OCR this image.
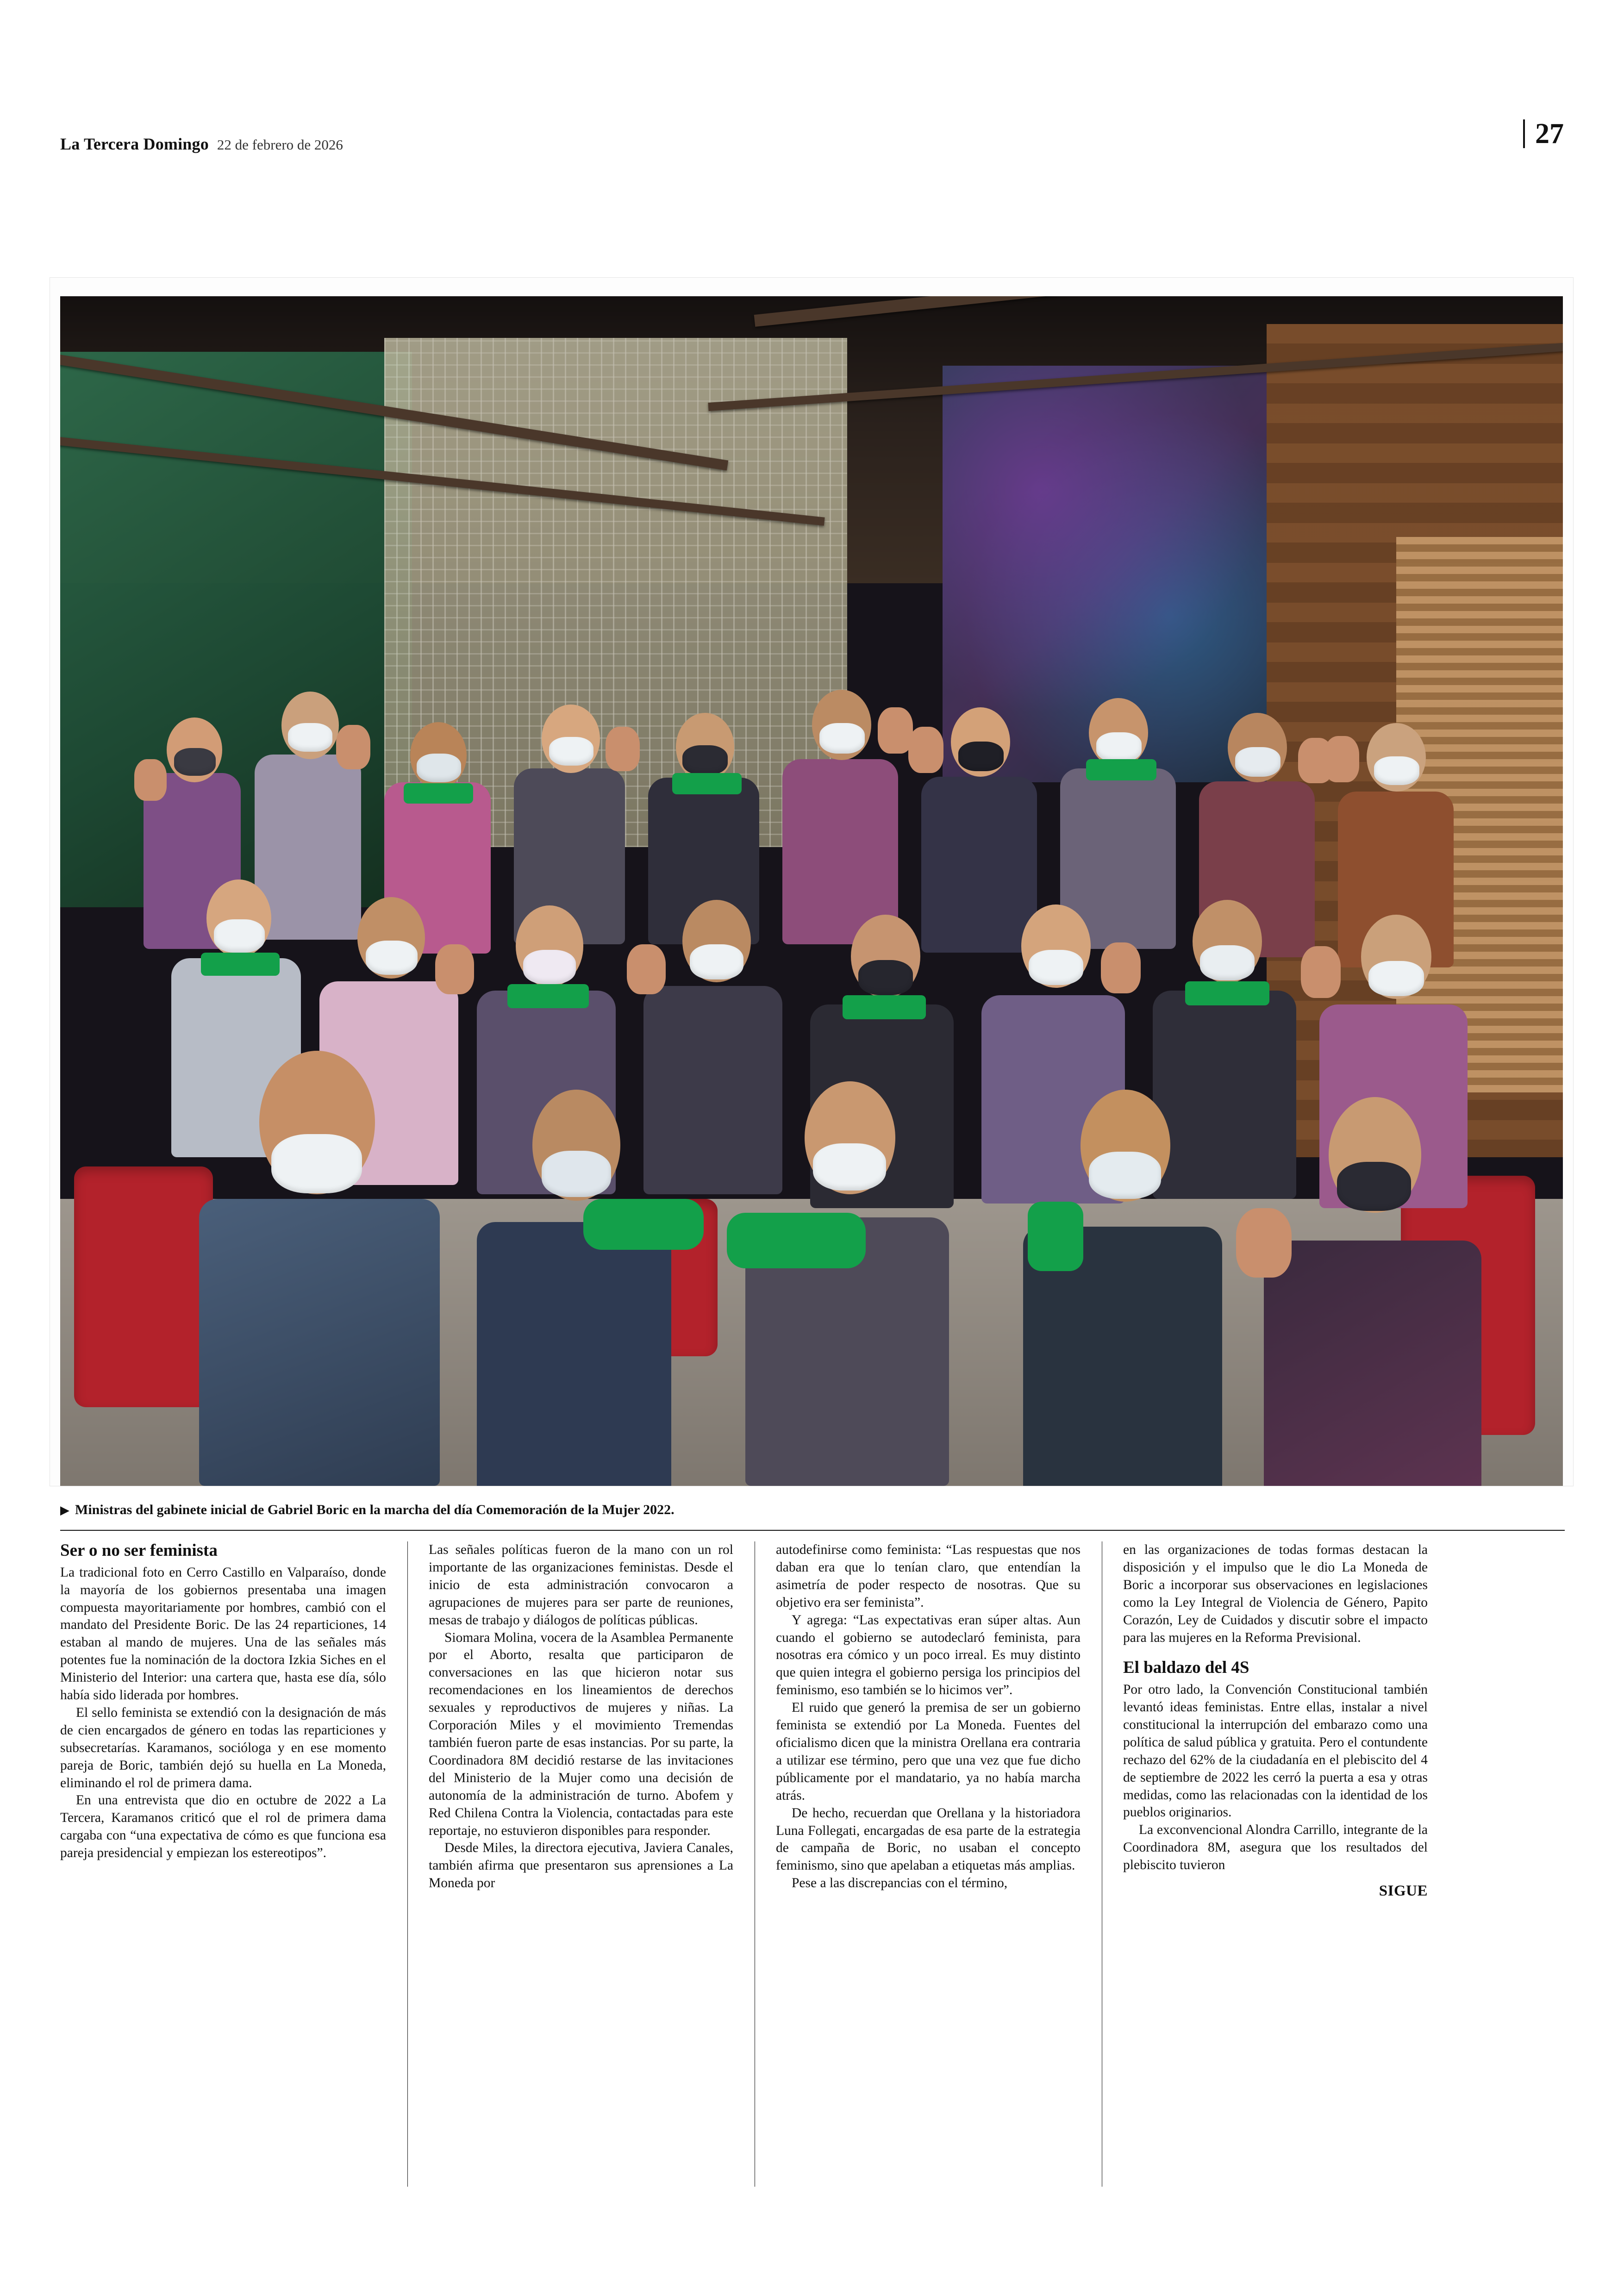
La Tercera Domingo 22 de febrero de 2026	27
▶ Ministras del gabinete inicial de Gabriel Boric en la marcha del día Comemoración de la Mujer 2022.
Ser o no ser feminista

La tradicional foto en Cerro Castillo en Valparaíso, donde la mayoría de los gobiernos presentaba una imagen compuesta mayoritariamente por hombres, cambió con el mandato del Presidente Boric. De las 24 reparticiones, 14 estaban al mando de mujeres. Una de las señales más potentes fue la nominación de la doctora Izkia Siches en el Ministerio del Interior: una cartera que, hasta ese día, sólo había sido liderada por hombres.

El sello feminista se extendió con la designación de más de cien encargados de género en todas las reparticiones y subsecretarías. Karamanos, socióloga y en ese momento pareja de Boric, también dejó su huella en La Moneda, eliminando el rol de primera dama.

En una entrevista que dio en octubre de 2022 a La Tercera, Karamanos criticó que el rol de primera dama cargaba con “una expectativa de cómo es que funciona esa pareja presidencial y empiezan los estereotipos”.

Las señales políticas fueron de la mano con un rol importante de las organizaciones feministas. Desde el inicio de esta administración convocaron a agrupaciones de mujeres para ser parte de reuniones, mesas de trabajo y diálogos de políticas públicas.

Siomara Molina, vocera de la Asamblea Permanente por el Aborto, resalta que participaron de conversaciones en las que hicieron notar sus recomendaciones en los lineamientos de derechos sexuales y reproductivos de mujeres y niñas. La Corporación Miles y el movimiento Tremendas también fueron parte de esas instancias. Por su parte, la Coordinadora 8M decidió restarse de las invitaciones del Ministerio de la Mujer como una decisión de autonomía de la administración de turno. Abofem y Red Chilena Contra la Violencia, contactadas para este reportaje, no estuvieron disponibles para responder.

Desde Miles, la directora ejecutiva, Javiera Canales, también afirma que presentaron sus aprensiones a La Moneda por

autodefinirse como feminista: “Las respuestas que nos daban era que lo tenían claro, que entendían la asimetría de poder respecto de nosotras. Que su objetivo era ser feminista”.

Y agrega: “Las expectativas eran súper altas. Aun cuando el gobierno se autodeclaró feminista, para nosotras era cómico y un poco irreal. Es muy distinto que quien integra el gobierno persiga los principios del feminismo, eso también se lo hicimos ver”.

El ruido que generó la premisa de ser un gobierno feminista se extendió por La Moneda. Fuentes del oficialismo dicen que la ministra Orellana era contraria a utilizar ese término, pero que una vez que fue dicho públicamente por el mandatario, ya no había marcha atrás.

De hecho, recuerdan que Orellana y la historiadora Luna Follegati, encargadas de esa parte de la estrategia de campaña de Boric, no usaban el concepto feminismo, sino que apelaban a etiquetas más amplias.

Pese a las discrepancias con el término,

en las organizaciones de todas formas destacan la disposición y el impulso que le dio La Moneda de Boric a incorporar sus observaciones en legislaciones como la Ley Integral de Violencia de Género, Papito Corazón, Ley de Cuidados y discutir sobre el impacto para las mujeres en la Reforma Previsional.

El baldazo del 4S

Por otro lado, la Convención Constitucional también levantó ideas feministas. Entre ellas, instalar a nivel constitucional la interrupción del embarazo como una política de salud pública y gratuita. Pero el contundente rechazo del 62% de la ciudadanía en el plebiscito del 4 de septiembre de 2022 les cerró la puerta a esa y otras medidas, como las relacionadas con la identidad de los pueblos originarios.

La exconvencional Alondra Carrillo, integrante de la Coordinadora 8M, asegura que los resultados del plebiscito tuvieron

SIGUE
